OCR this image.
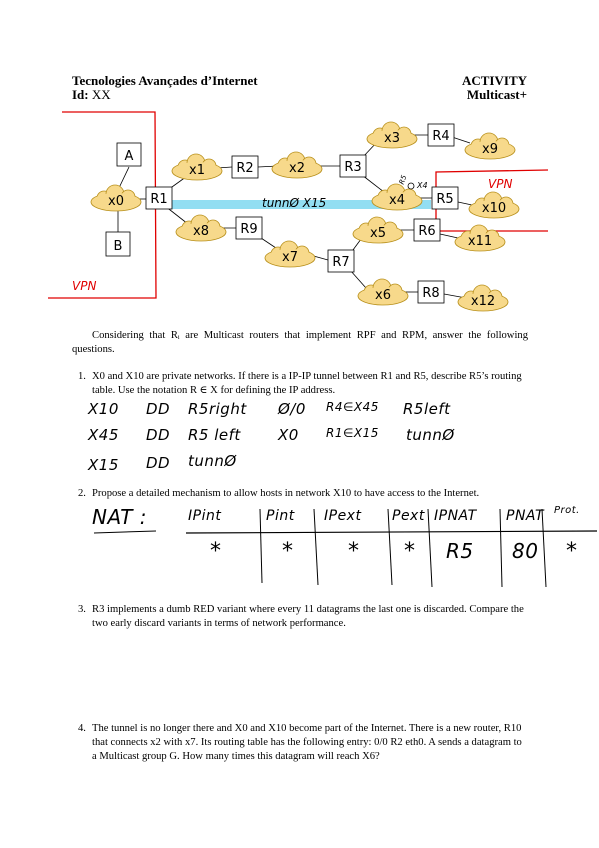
Tecnologies Avançades d’Internet
Id: XX
ACTIVITY
Multicast+
VPN
VPN
A
B
R1
R2	R3
R4
R5
R6
R7
R8
R9
x0
x1	x2
x3
x9
x4
x10
x8
x7
x5
x11
x6	x12
tunnØ X15
R5 X4
Considering that Rᵢ are Multicast routers that implement RPF and RPM, answer the following questions.
1. X0 and X10 are private networks. If there is a IP-IP tunnel between R1 and R5, describe R5’s routing table. Use the notation R ∈ X for defining the IP address.
X10 DD R5right Ø/0 R4∈X45 R5left
X45 DD R5 left X0 R1∈X15 tunnØ
X15 DD tunnØ
2. Propose a detailed mechanism to allow hosts in network X10 to have access to the Internet.
NAT :	IPint	Pint IPext Pext IPNAT PNAT Prot.
*	* * * R5 80 *
3. R3 implements a dumb RED variant where every 11 datagrams the last one is discarded. Compare the two early discard variants in terms of network performance.
4. The tunnel is no longer there and X0 and X10 become part of the Internet. There is a new router, R10 that connects x2 with x7. Its routing table has the following entry: 0/0 R2 eth0. A sends a datagram to a Multicast group G. How many times this datagram will reach X6?
